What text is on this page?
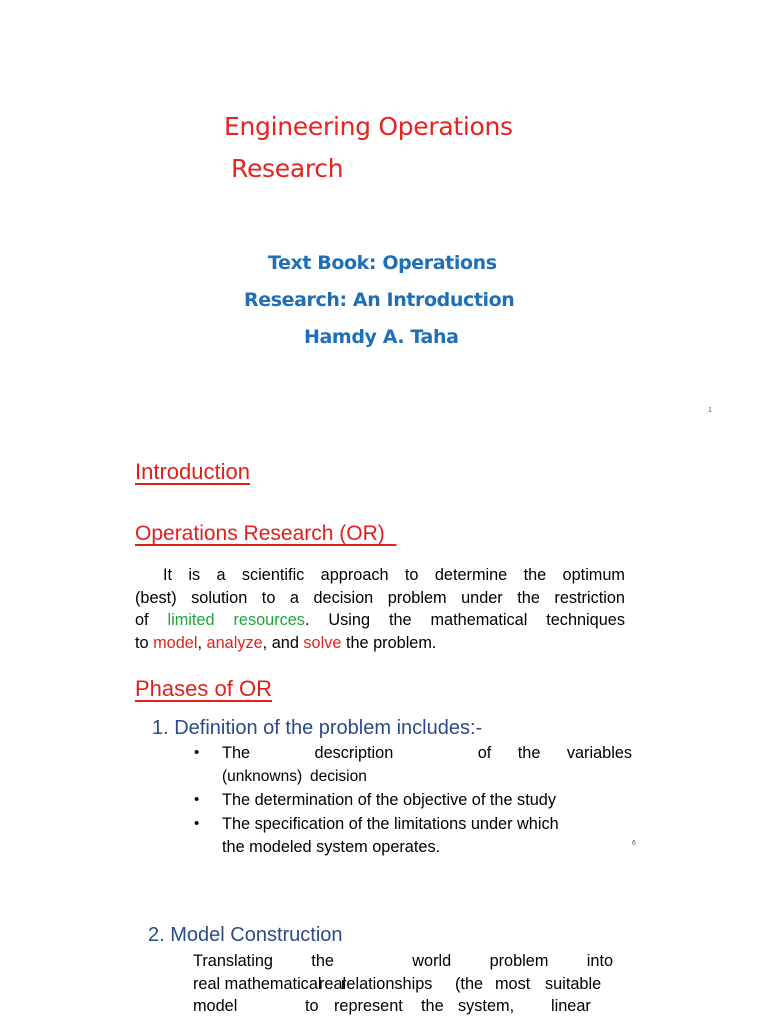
Engineering Operations
Research
Text Book: Operations
Research: An Introduction
Hamdy A. Taha
1
Introduction
Operations Research (OR)
It is a scientific approach to determine the optimum
(best) solution to a decision problem under the restriction
of limited resources. Using the mathematical techniques
to model, analyze, and solve the problem.
Phases of OR
1. Definition of the problem includes:-
• The	description	of the variables
(unknowns) decision
• The determination of the objective of the study
• The specification of the limitations under which
the modeled system operates.	6
2. Model Construction
Translating the	world problem into
real mathematical
real
relationships (the most suitable
model	to represent the system, linear
